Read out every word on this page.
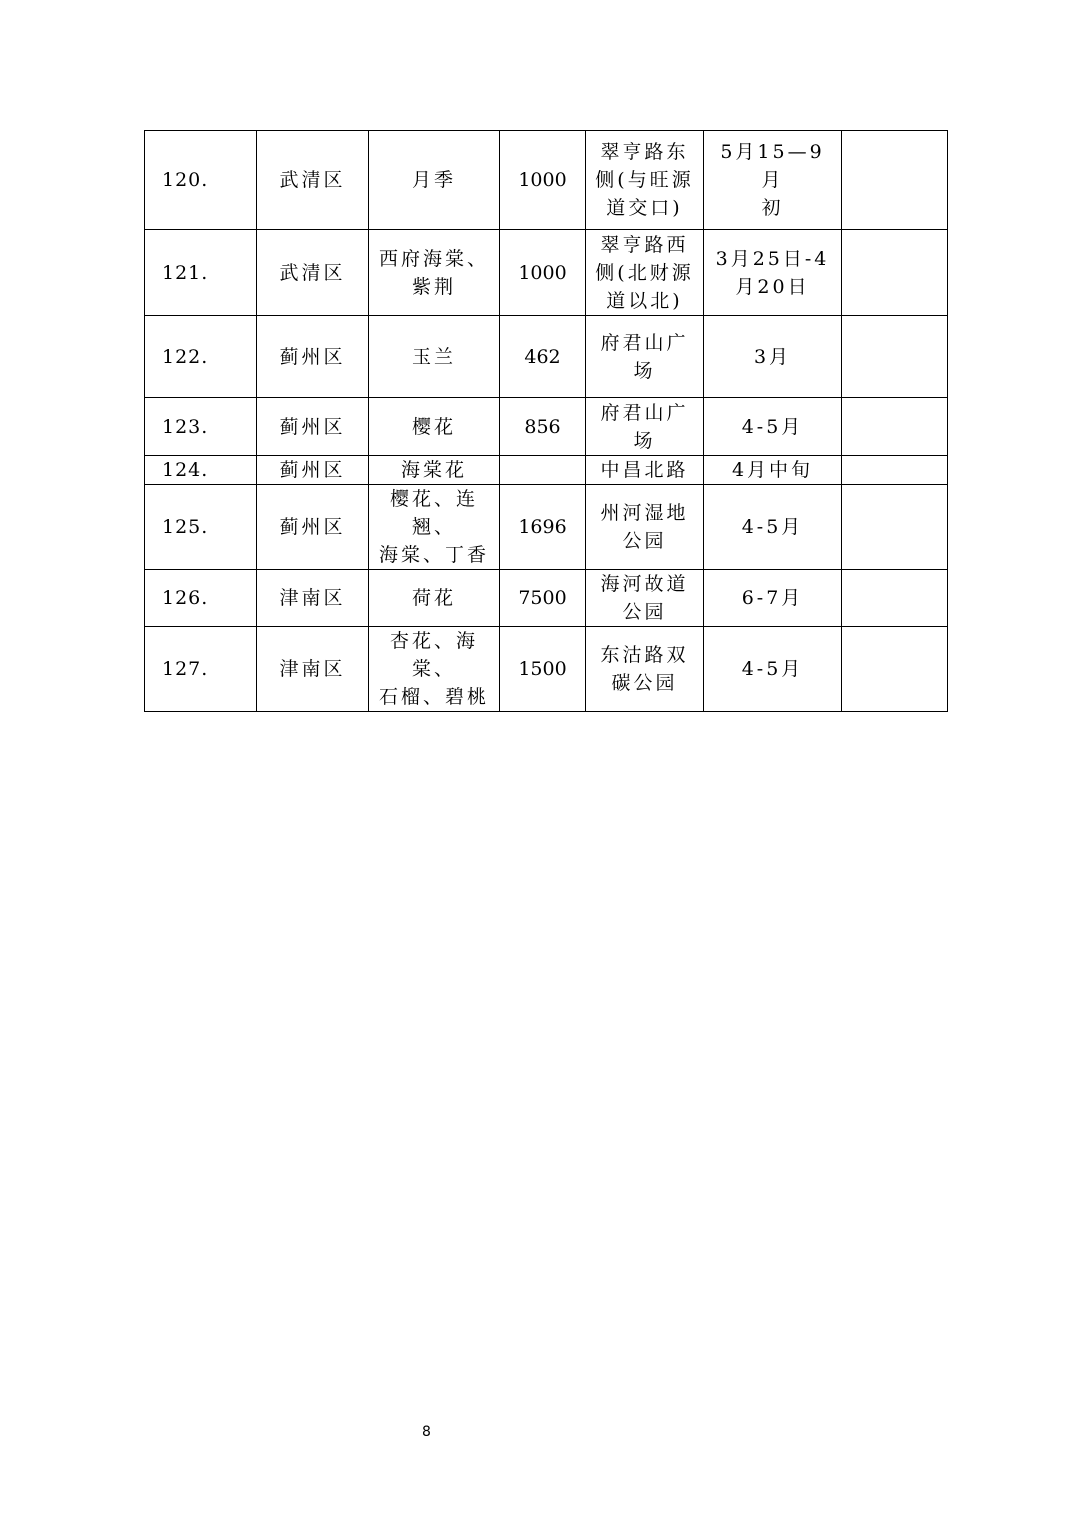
120.	武清区	月季	1000	翠亨路东
侧(与旺源
道交口)	5月15—9月
初	

121.	武清区	西府海棠、
紫荆	1000	翠亨路西
侧(北财源
道以北)	3月25日-4
月20日	

122.	蓟州区	玉兰	462	府君山广
场	3月	

123.	蓟州区	樱花	856	府君山广
场	4-5月	

124.	蓟州区	海棠花		中昌北路	4月中旬	

125.	蓟州区	樱花、连翘、
海棠、丁香	1696	州河湿地
公园	4-5月	

126.	津南区	荷花	7500	海河故道
公园	6-7月	

127.	津南区	杏花、海棠、
石榴、碧桃	1500	东沽路双
碳公园	4-5月	

8
